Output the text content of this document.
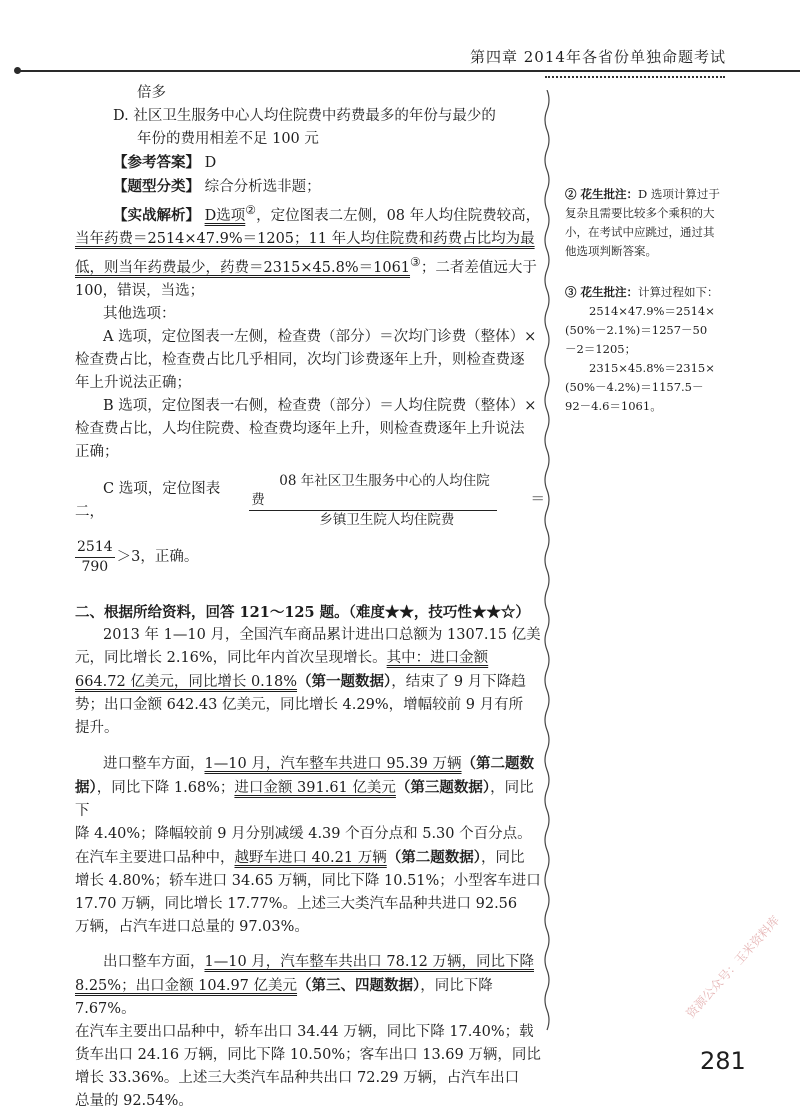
第四章 2014年各省份单独命题考试

倍多

D. 社区卫生服务中心人均住院费中药费最多的年份与最少的

年份的费用相差不足 100 元

【参考答案】 D

【题型分类】 综合分析选非题；

【实战解析】 D选项②，定位图表二左侧，08 年人均住院费较高，

当年药费＝2514×47.9%＝1205；11 年人均住院费和药费占比均为最

低，则当年药费最少，药费＝2315×45.8%＝1061③；二者差值远大于

100，错误，当选；

其他选项：

A 选项，定位图表一左侧，检查费（部分）＝次均门诊费（整体）×

检查费占比，检查费占比几乎相同，次均门诊费逐年上升，则检查费逐

年上升说法正确；

B 选项，定位图表一右侧，检查费（部分）＝人均住院费（整体）×

检查费占比，人均住院费、检查费均逐年上升，则检查费逐年上升说法

正确；

C 选项，定位图表二，	$\frac{\text{08 年社区卫生服务中心的人均住院费}}{\text{乡镇卫生院人均住院费}}$	＝
$\frac{2514}{790} >3$，正确。

二、根据所给资料，回答 121～125 题。（难度★★，技巧性★★☆）

2013 年 1—10 月，全国汽车商品累计进出口总额为 1307.15 亿美

元，同比增长 2.16%，同比年内首次呈现增长。其中：进口金额

664.72 亿美元，同比增长 0.18%（第一题数据），结束了 9 月下降趋

势；出口金额 642.43 亿美元，同比增长 4.29%，增幅较前 9 月有所

提升。

进口整车方面，1—10 月，汽车整车共进口 95.39 万辆（第二题数

据），同比下降 1.68%；进口金额 391.61 亿美元（第三题数据），同比下

降 4.40%；降幅较前 9 月分别减缓 4.39 个百分点和 5.30 个百分点。

在汽车主要进口品种中，越野车进口 40.21 万辆（第二题数据），同比

增长 4.80%；轿车进口 34.65 万辆，同比下降 10.51%；小型客车进口

17.70 万辆，同比增长 17.77%。上述三大类汽车品种共进口 92.56

万辆，占汽车进口总量的 97.03%。

出口整车方面，1—10 月，汽车整车共出口 78.12 万辆，同比下降

8.25%；出口金额 104.97 亿美元（第三、四题数据），同比下降 7.67%。

在汽车主要出口品种中，轿车出口 34.44 万辆，同比下降 17.40%；载

货车出口 24.16 万辆，同比下降 10.50%；客车出口 13.69 万辆，同比

增长 33.36%。上述三大类汽车品种共出口 72.29 万辆，占汽车出口

总量的 92.54%。

② 花生批注：D 选项计算过于复杂且需要比较多个乘积的大小，在考试中应跳过，通过其他选项判断答案。

③ 花生批注：计算过程如下：

2514×47.9%＝2514×

(50%－2.1%)＝1257－50

－2＝1205；

2315×45.8%＝2315×

(50%－4.2%)＝1157.5－

92－4.6＝1061。

281
资源公众号：玉米资料库
